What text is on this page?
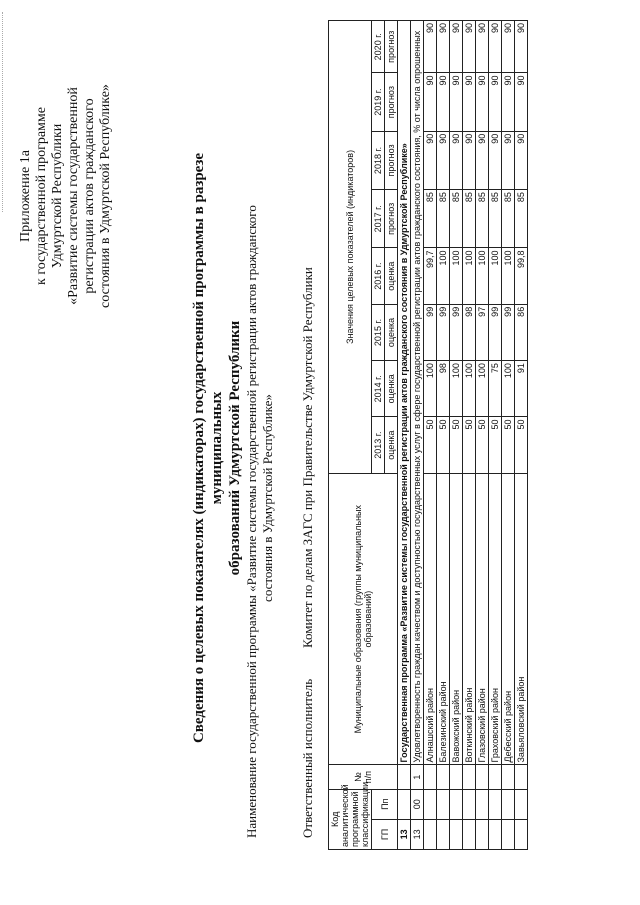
Приложение 1а к государственной программе Удмуртской Республики «Развитие системы государственной регистрации актов гражданского состояния в Удмуртской Республике»	Сведения о целевых показателях (индикаторах) государственной программы в разрезе муниципальных образований Удмуртской Республики
Наименование государственной программы «Развитие системы государственной регистрации актов гражданского состояния в Удмуртской Республике»
Ответственный исполнитель
Комитет по делам ЗАГС при Правительстве Удмуртской Республики
Код аналитической программной классификации		№ п/п	Муниципальные образования (группы муниципальных образований)	Значения целевых показателей (индикаторов)							
ГП	Пп			2013 г.	2014 г.	2015 г.	2016 г.	2017 г.	2018 г.	2019 г.	2020 г.
				оценка	оценка	оценка	оценка	прогноз	прогноз	прогноз	прогноз
13			Государственная программа «Развитие системы государственной регистрации актов гражданского состояния в Удмуртской Республике»								
13	00	1	Удовлетворенность граждан качеством и доступностью государственных услуг в сфере государственной регистрации актов гражданского состояния, % от числа опрошенных								
			Алнашский район	50	100	99	99,7	85	90	90	90
			Балезинский район	50	98	99	100	85	90	90	90
			Вавожский район	50	100	99	100	85	90	90	90
			Воткинский район	50	100	98	100	85	90	90	90
			Глазовский район	50	100	97	100	85	90	90	90
			Граховский район	50	75	99	100	85	90	90	90
			Дебесский район	50	100	99	100	85	90	90	90
			Завьяловский район	50	91	86	99,8	85	90	90	90
